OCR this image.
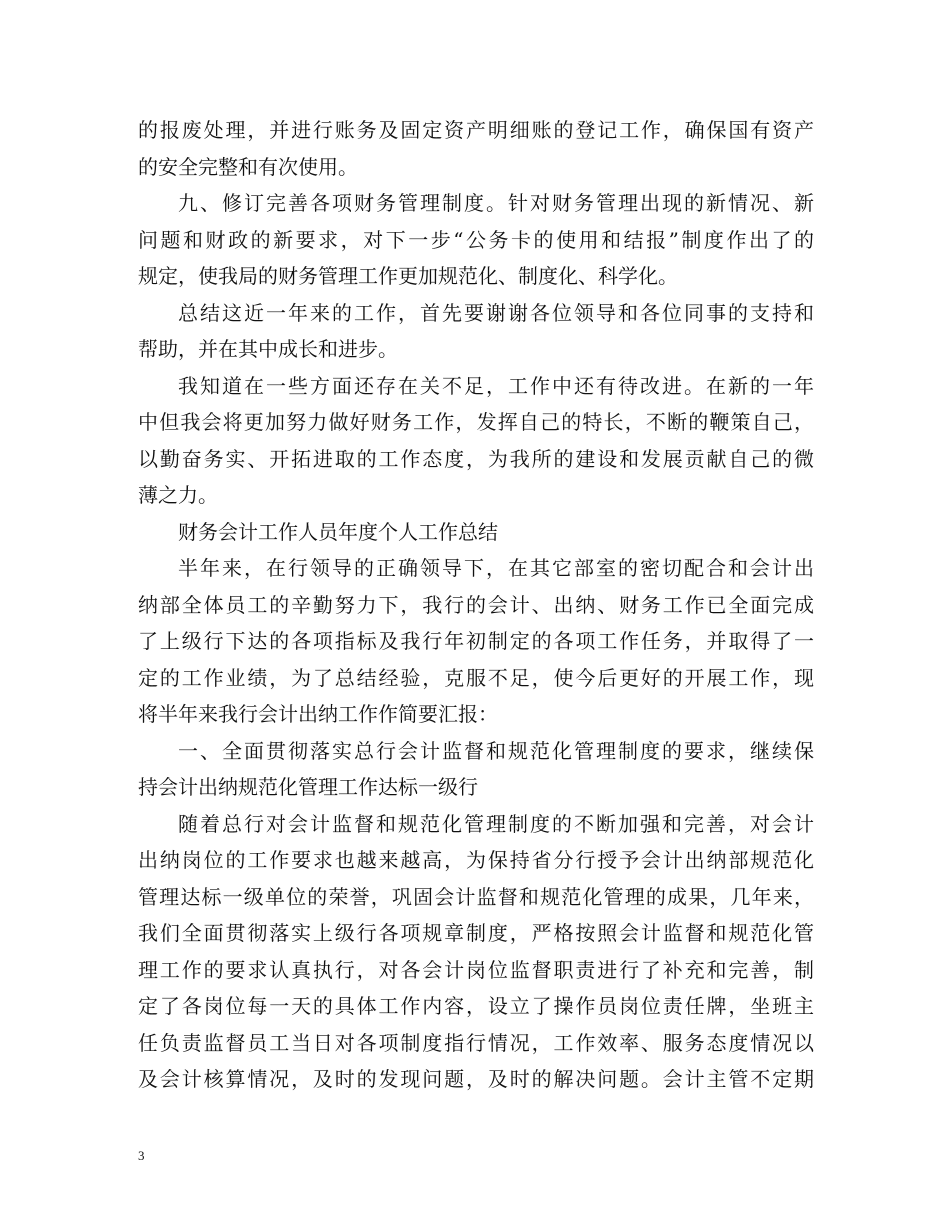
的报废处理，并进行账务及固定资产明细账的登记工作，确保国有资产
的安全完整和有次使用。
九、修订完善各项财务管理制度。针对财务管理出现的新情况、新
问题和财政的新要求，对下一步“公务卡的使用和结报”制度作出了的
规定，使我局的财务管理工作更加规范化、制度化、科学化。
总结这近一年来的工作，首先要谢谢各位领导和各位同事的支持和
帮助，并在其中成长和进步。
我知道在一些方面还存在关不足，工作中还有待改进。在新的一年
中但我会将更加努力做好财务工作，发挥自己的特长，不断的鞭策自己，
以勤奋务实、开拓进取的工作态度，为我所的建设和发展贡献自己的微
薄之力。
财务会计工作人员年度个人工作总结
半年来，在行领导的正确领导下，在其它部室的密切配合和会计出
纳部全体员工的辛勤努力下，我行的会计、出纳、财务工作已全面完成
了上级行下达的各项指标及我行年初制定的各项工作任务，并取得了一
定的工作业绩，为了总结经验，克服不足，使今后更好的开展工作，现
将半年来我行会计出纳工作作简要汇报：
一、全面贯彻落实总行会计监督和规范化管理制度的要求，继续保
持会计出纳规范化管理工作达标一级行
随着总行对会计监督和规范化管理制度的不断加强和完善，对会计
出纳岗位的工作要求也越来越高，为保持省分行授予会计出纳部规范化
管理达标一级单位的荣誉，巩固会计监督和规范化管理的成果，几年来，
我们全面贯彻落实上级行各项规章制度，严格按照会计监督和规范化管
理工作的要求认真执行，对各会计岗位监督职责进行了补充和完善，制
定了各岗位每一天的具体工作内容，设立了操作员岗位责任牌，坐班主
任负责监督员工当日对各项制度指行情况，工作效率、服务态度情况以
及会计核算情况，及时的发现问题，及时的解决问题。会计主管不定期
3
